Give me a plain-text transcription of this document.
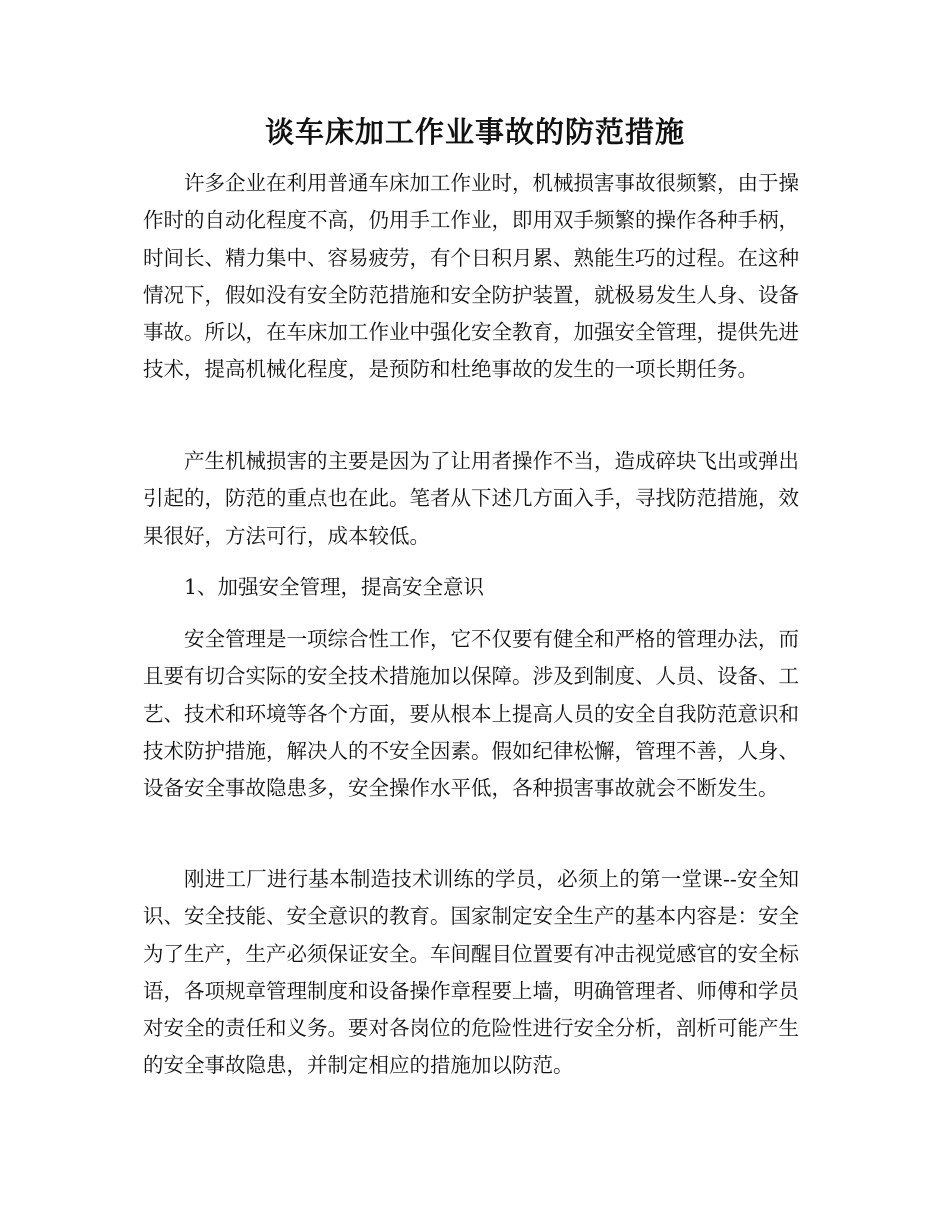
谈车床加工作业事故的防范措施

许多企业在利用普通车床加工作业时，机械损害事故很频繁，由于操作时的自动化程度不高，仍用手工作业，即用双手频繁的操作各种手柄，时间长、精力集中、容易疲劳，有个日积月累、熟能生巧的过程。在这种情况下，假如没有安全防范措施和安全防护装置，就极易发生人身、设备事故。所以，在车床加工作业中强化安全教育，加强安全管理，提供先进技术，提高机械化程度，是预防和杜绝事故的发生的一项长期任务。

产生机械损害的主要是因为了让用者操作不当，造成碎块飞出或弹出引起的，防范的重点也在此。笔者从下述几方面入手，寻找防范措施，效果很好，方法可行，成本较低。

1、加强安全管理，提高安全意识

安全管理是一项综合性工作，它不仅要有健全和严格的管理办法，而且要有切合实际的安全技术措施加以保障。涉及到制度、人员、设备、工艺、技术和环境等各个方面，要从根本上提高人员的安全自我防范意识和技术防护措施，解决人的不安全因素。假如纪律松懈，管理不善，人身、设备安全事故隐患多，安全操作水平低，各种损害事故就会不断发生。

刚进工厂进行基本制造技术训练的学员，必须上的第一堂课--安全知识、安全技能、安全意识的教育。国家制定安全生产的基本内容是：安全为了生产，生产必须保证安全。车间醒目位置要有冲击视觉感官的安全标语，各项规章管理制度和设备操作章程要上墙，明确管理者、师傅和学员对安全的责任和义务。要对各岗位的危险性进行安全分析，剖析可能产生的安全事故隐患，并制定相应的措施加以防范。
